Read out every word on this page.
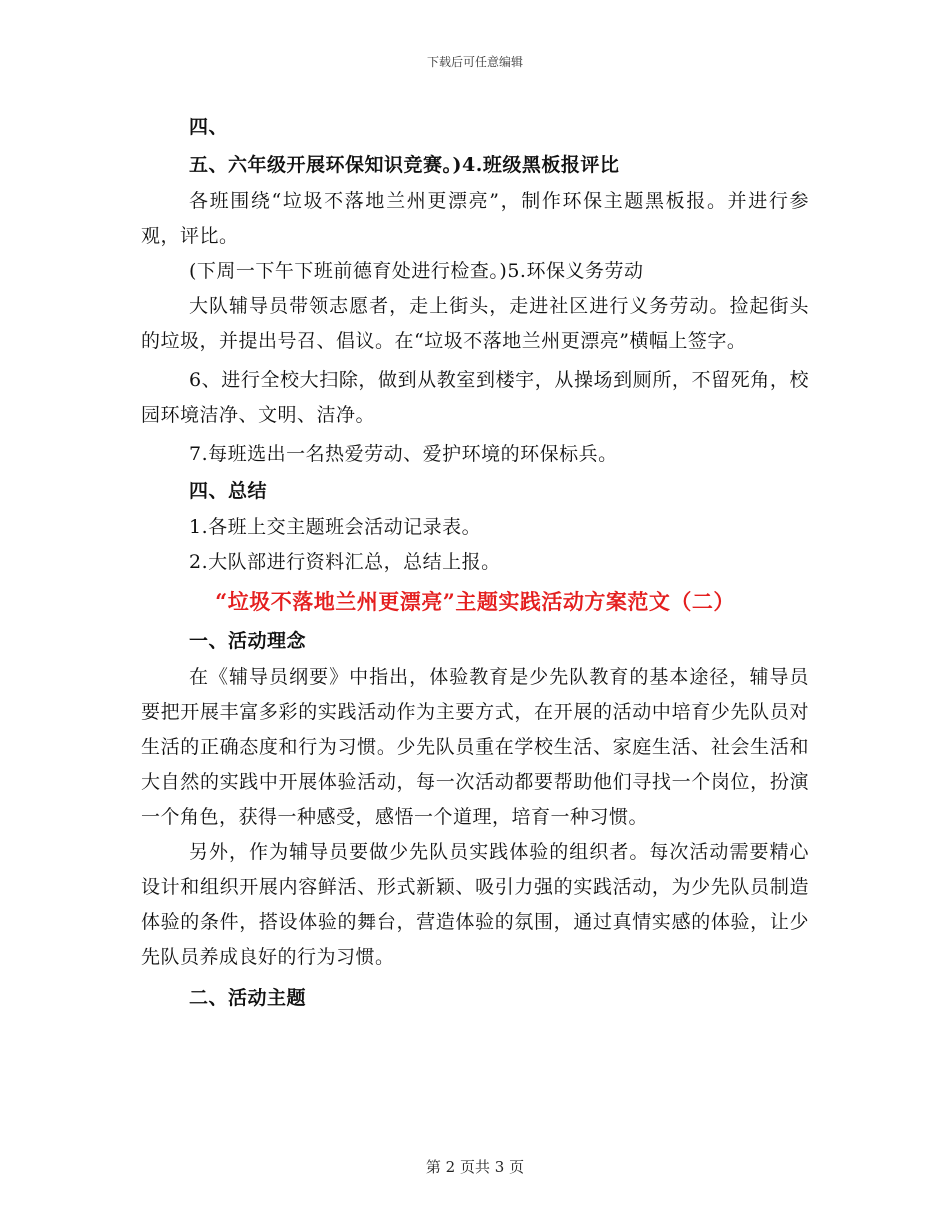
下载后可任意编辑

四、

五、六年级开展环保知识竞赛。)4.班级黑板报评比

各班围绕“垃圾不落地兰州更漂亮”，制作环保主题黑板报。并进行参观，评比。

(下周一下午下班前德育处进行检查。)5.环保义务劳动

大队辅导员带领志愿者，走上街头，走进社区进行义务劳动。捡起街头的垃圾，并提出号召、倡议。在“垃圾不落地兰州更漂亮”横幅上签字。

6、进行全校大扫除，做到从教室到楼宇，从操场到厕所，不留死角，校园环境洁净、文明、洁净。

7.每班选出一名热爱劳动、爱护环境的环保标兵。

四、总结

1.各班上交主题班会活动记录表。

2.大队部进行资料汇总，总结上报。

“垃圾不落地兰州更漂亮”主题实践活动方案范文（二）

一、活动理念

在《辅导员纲要》中指出，体验教育是少先队教育的基本途径，辅导员要把开展丰富多彩的实践活动作为主要方式，在开展的活动中培育少先队员对生活的正确态度和行为习惯。少先队员重在学校生活、家庭生活、社会生活和大自然的实践中开展体验活动，每一次活动都要帮助他们寻找一个岗位，扮演一个角色，获得一种感受，感悟一个道理，培育一种习惯。

另外，作为辅导员要做少先队员实践体验的组织者。每次活动需要精心设计和组织开展内容鲜活、形式新颖、吸引力强的实践活动，为少先队员制造体验的条件，搭设体验的舞台，营造体验的氛围，通过真情实感的体验，让少先队员养成良好的行为习惯。

二、活动主题

第 2 页共 3 页
